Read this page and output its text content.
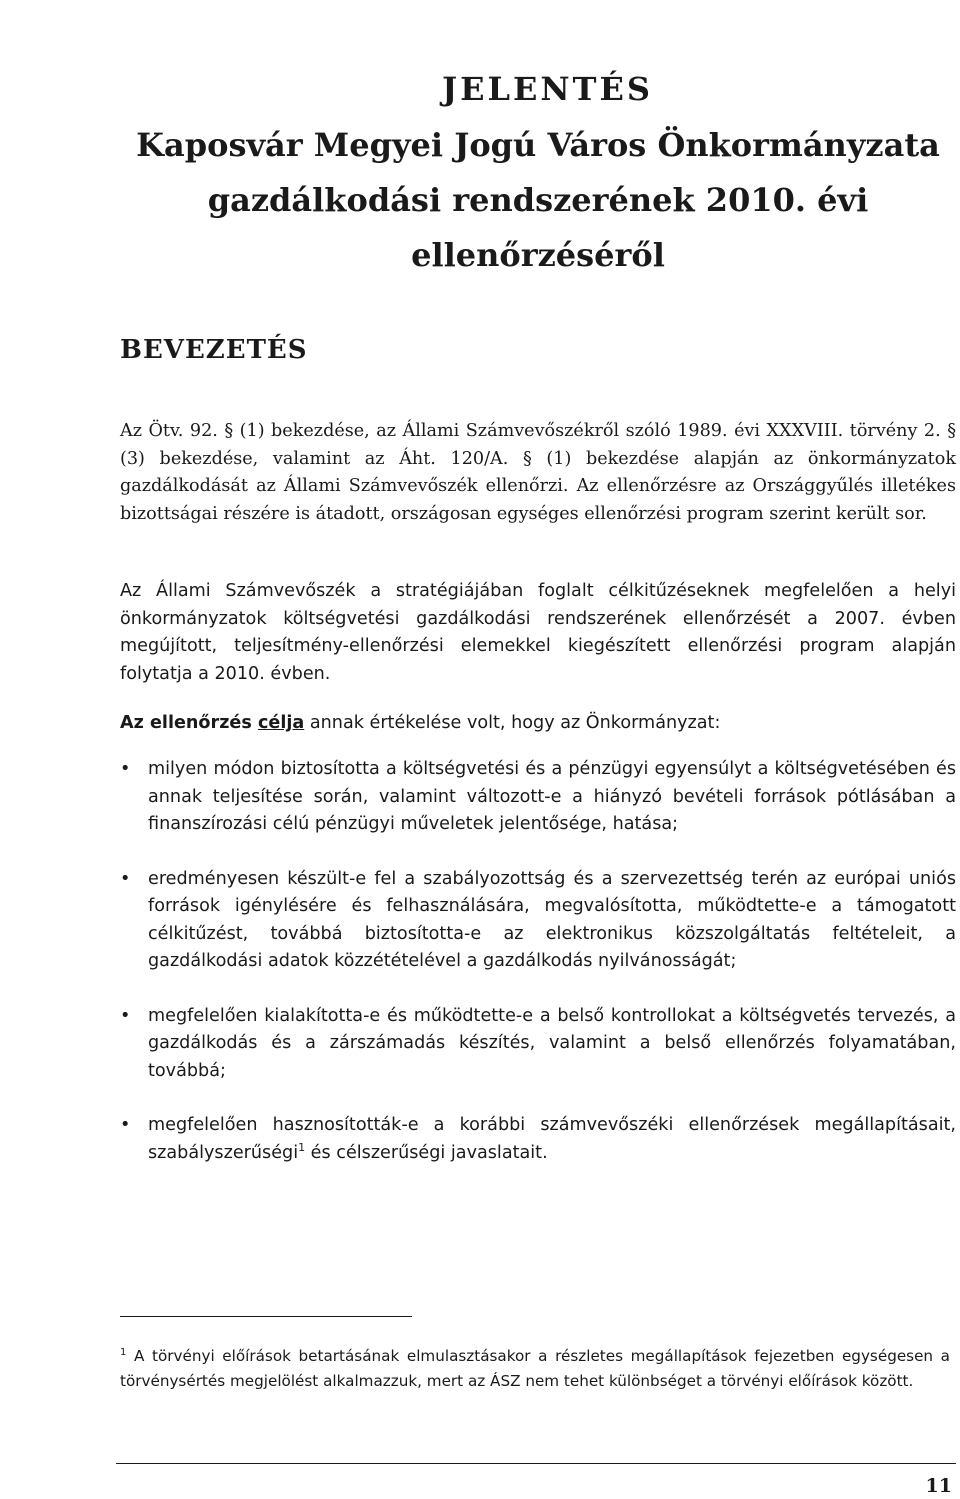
JELENTÉS
Kaposvár Megyei Jogú Város Önkormányzata
gazdálkodási rendszerének 2010. évi
ellenőrzéséről
BEVEZETÉS

Az Ötv. 92. § (1) bekezdése, az Állami Számvevőszékről szóló 1989. évi XXXVIII. törvény 2. § (3) bekezdése, valamint az Áht. 120/A. § (1) bekezdése alapján az önkormányzatok gazdálkodását az Állami Számvevőszék ellenőrzi. Az ellenőrzésre az Országgyűlés illetékes bizottságai részére is átadott, országosan egységes ellenőrzési program szerint került sor.

Az Állami Számvevőszék a stratégiájában foglalt célkitűzéseknek megfelelően a helyi önkormányzatok költségvetési gazdálkodási rendszerének ellenőrzését a 2007. évben megújított, teljesítmény-ellenőrzési elemekkel kiegészített ellenőrzési program alapján folytatja a 2010. évben.

Az ellenőrzés célja annak értékelése volt, hogy az Önkormányzat:

•	milyen módon biztosította a költségvetési és a pénzügyi egyensúlyt a költségvetésében és annak teljesítése során, valamint változott-e a hiányzó bevételi források pótlásában a finanszírozási célú pénzügyi műveletek jelentősége, hatása;
•	eredményesen készült-e fel a szabályozottság és a szervezettség terén az európai uniós források igénylésére és felhasználására, megvalósította, működtette-e a támogatott célkitűzést, továbbá biztosította-e az elektronikus közszolgáltatás feltételeit, a gazdálkodási adatok közzétételével a gazdálkodás nyilvánosságát;
•	megfelelően kialakította-e és működtette-e a belső kontrollokat a költségvetés tervezés, a gazdálkodás és a zárszámadás készítés, valamint a belső ellenőrzés folyamatában, továbbá;
•	megfelelően hasznosították-e a korábbi számvevőszéki ellenőrzések megállapításait, szabályszerűségi$^1$ és célszerűségi javaslatait.

$^1$ A törvényi előírások betartásának elmulasztásakor a részletes megállapítások fejezetben egységesen a törvénysértés megjelölést alkalmazzuk, mert az ÁSZ nem tehet különbséget a törvényi előírások között.

11
